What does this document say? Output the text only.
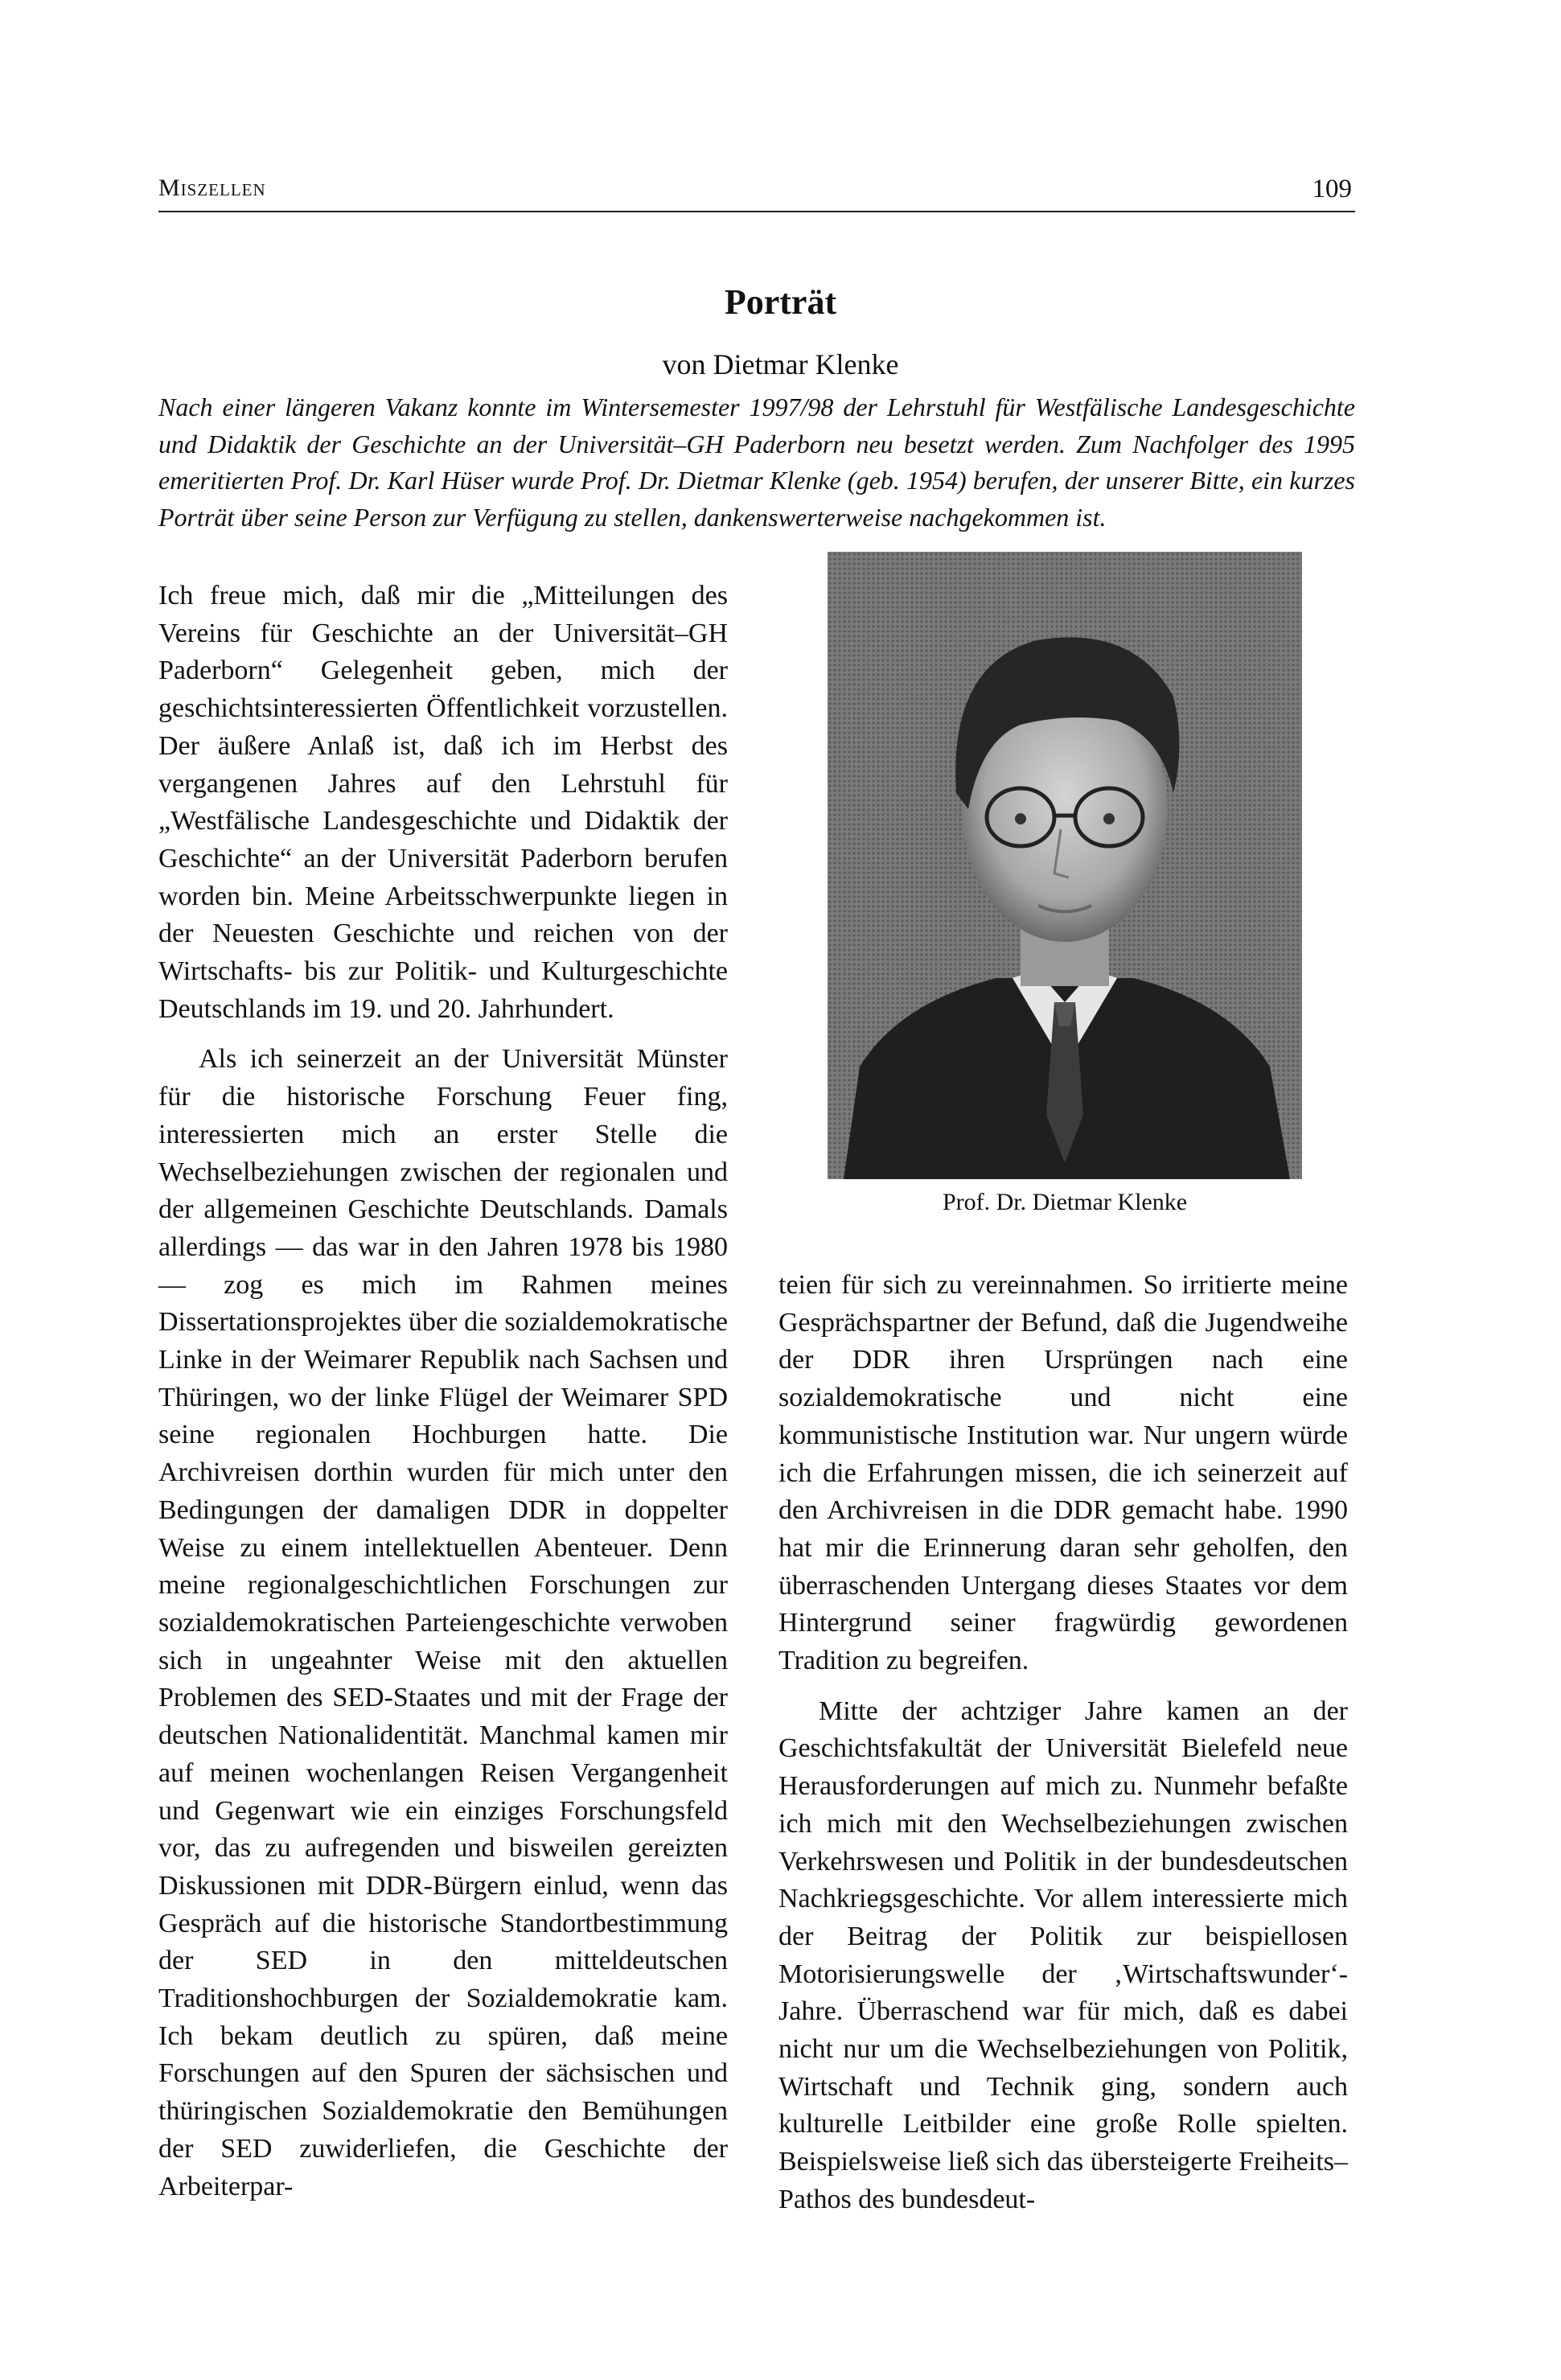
Miszellen	109
Porträt
von Dietmar Klenke
Nach einer längeren Vakanz konnte im Wintersemester 1997/98 der Lehrstuhl für Westfälische Landesgeschichte und Didaktik der Geschichte an der Universität–GH Paderborn neu besetzt werden. Zum Nachfolger des 1995 emeritierten Prof. Dr. Karl Hüser wurde Prof. Dr. Dietmar Klenke (geb. 1954) berufen, der unserer Bitte, ein kurzes Porträt über seine Person zur Verfügung zu stellen, dankenswerterweise nachgekommen ist.

Ich freue mich, daß mir die „Mitteilungen des Vereins für Geschichte an der Universität–GH Paderborn“ Gelegenheit geben, mich der geschichtsinteressierten Öffentlichkeit vorzustellen. Der äußere Anlaß ist, daß ich im Herbst des vergangenen Jahres auf den Lehrstuhl für „Westfälische Landesgeschichte und Didaktik der Geschichte“ an der Universität Paderborn berufen worden bin. Meine Arbeitsschwerpunkte liegen in der Neuesten Geschichte und reichen von der Wirtschafts- bis zur Politik- und Kulturgeschichte Deutschlands im 19. und 20. Jahrhundert.

Als ich seinerzeit an der Universität Münster für die historische Forschung Feuer fing, interessierten mich an erster Stelle die Wechselbeziehungen zwischen der regionalen und der allgemeinen Geschichte Deutschlands. Damals allerdings — das war in den Jahren 1978 bis 1980 — zog es mich im Rahmen meines Dissertationsprojektes über die sozialdemokratische Linke in der Weimarer Republik nach Sachsen und Thüringen, wo der linke Flügel der Weimarer SPD seine regionalen Hochburgen hatte. Die Archivreisen dorthin wurden für mich unter den Bedingungen der damaligen DDR in doppelter Weise zu einem intellektuellen Abenteuer. Denn meine regionalgeschichtlichen Forschungen zur sozialdemokratischen Parteiengeschichte verwoben sich in ungeahnter Weise mit den aktuellen Problemen des SED-Staates und mit der Frage der deutschen Nationalidentität. Manchmal kamen mir auf meinen wochenlangen Reisen Vergangenheit und Gegenwart wie ein einziges Forschungsfeld vor, das zu aufregenden und bisweilen gereizten Diskussionen mit DDR-Bürgern einlud, wenn das Gespräch auf die historische Standortbestimmung der SED in den mitteldeutschen Traditionshochburgen der Sozialdemokratie kam. Ich bekam deutlich zu spüren, daß meine Forschungen auf den Spuren der sächsischen und thüringischen Sozialdemokratie den Bemühungen der SED zuwiderliefen, die Geschichte der Arbeiterpar-

Prof. Dr. Dietmar Klenke

teien für sich zu vereinnahmen. So irritierte meine Gesprächspartner der Befund, daß die Jugendweihe der DDR ihren Ursprüngen nach eine sozialdemokratische und nicht eine kommunistische Institution war. Nur ungern würde ich die Erfahrungen missen, die ich seinerzeit auf den Archivreisen in die DDR gemacht habe. 1990 hat mir die Erinnerung daran sehr geholfen, den überraschenden Untergang dieses Staates vor dem Hintergrund seiner fragwürdig gewordenen Tradition zu begreifen.

Mitte der achtziger Jahre kamen an der Geschichtsfakultät der Universität Bielefeld neue Herausforderungen auf mich zu. Nunmehr befaßte ich mich mit den Wechselbeziehungen zwischen Verkehrswesen und Politik in der bundesdeutschen Nachkriegsgeschichte. Vor allem interessierte mich der Beitrag der Politik zur beispiellosen Motorisierungswelle der ‚Wirtschaftswunder‘-Jahre. Überraschend war für mich, daß es dabei nicht nur um die Wechselbeziehungen von Politik, Wirtschaft und Technik ging, sondern auch kulturelle Leitbilder eine große Rolle spielten. Beispielsweise ließ sich das übersteigerte Freiheits–Pathos des bundesdeut-
